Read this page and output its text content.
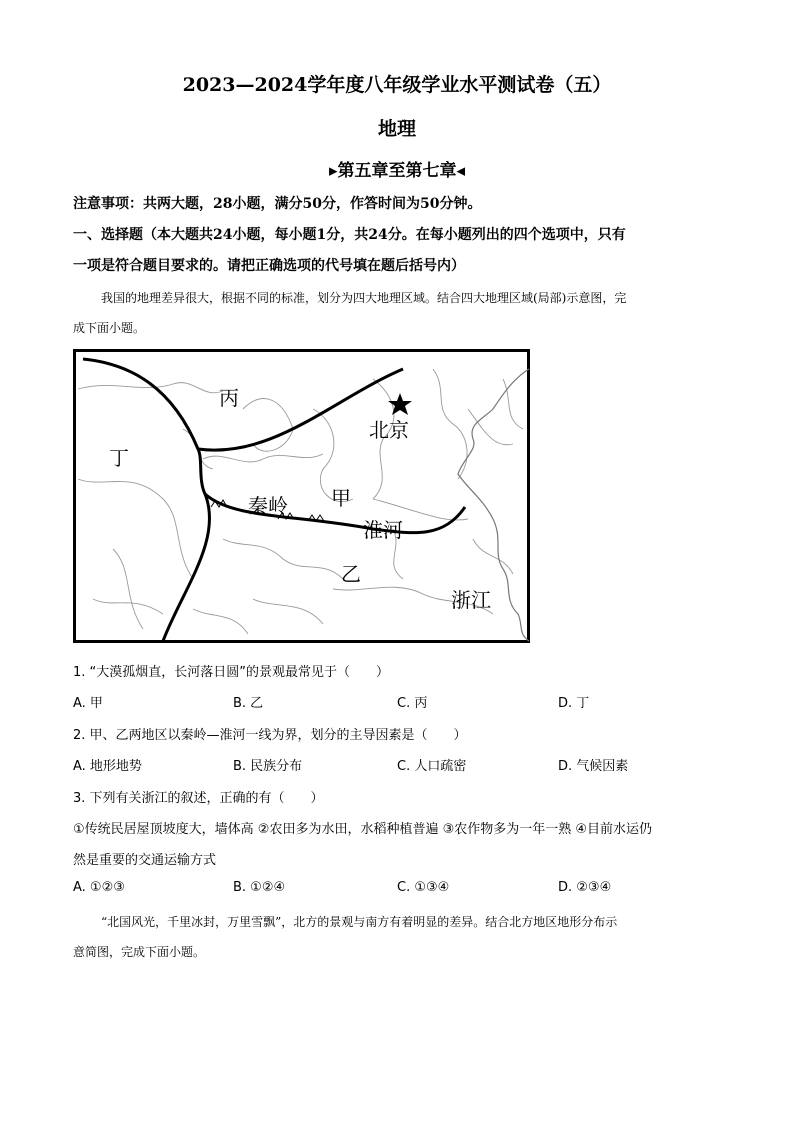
2023—2024学年度八年级学业水平测试卷（五）
地理
▸第五章至第七章◂
注意事项：共两大题，28小题，满分50分，作答时间为50分钟。
一、选择题（本大题共24小题，每小题1分，共24分。在每小题列出的四个选项中，只有
一项是符合题目要求的。请把正确选项的代号填在题后括号内）
我国的地理差异很大，根据不同的标准，划分为四大地理区域。结合四大地理区域(局部)示意图，完
成下面小题。
丙
丁
北京
秦岭 甲
淮河
乙
浙江
1. “大漠孤烟直，长河落日圆”的景观最常见于（　　）
A. 甲	B. 乙	C. 丙	D. 丁
2. 甲、乙两地区以秦岭—淮河一线为界，划分的主导因素是（　　）
A. 地形地势	B. 民族分布	C. 人口疏密	D. 气候因素
3. 下列有关浙江的叙述，正确的有（　　）
①传统民居屋顶坡度大，墙体高 ②农田多为水田，水稻种植普遍 ③农作物多为一年一熟 ④目前水运仍
然是重要的交通运输方式
A. ①②③	B. ①②④	C. ①③④	D. ②③④
“北国风光，千里冰封，万里雪飘”，北方的景观与南方有着明显的差异。结合北方地区地形分布示
意简图，完成下面小题。
